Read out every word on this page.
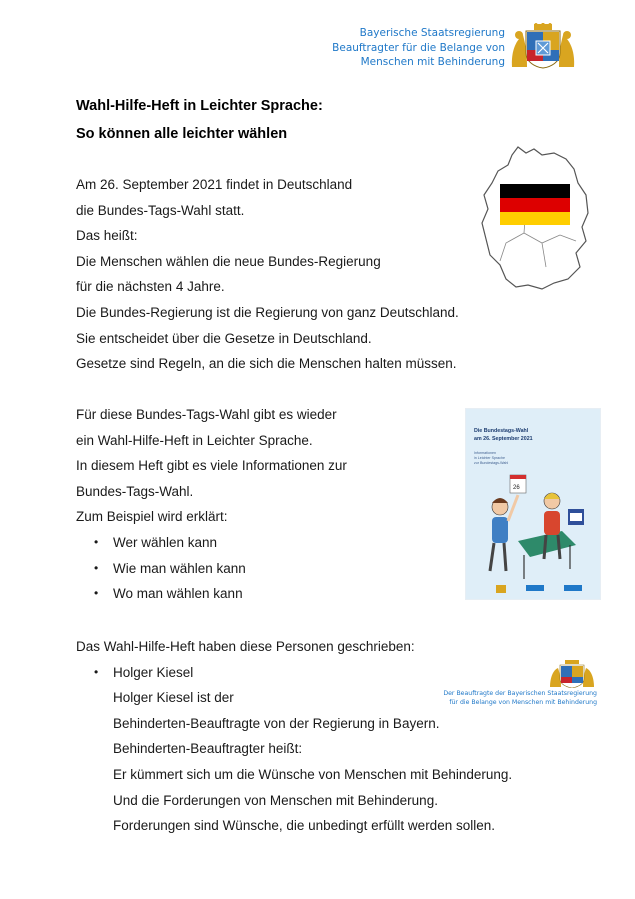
Bayerische Staatsregierung
Beauftragter für die Belange von
Menschen mit Behinderung
Wahl-Hilfe-Heft in Leichter Sprache:
So können alle leichter wählen
Am 26. September 2021 findet in Deutschland
die Bundes-Tags-Wahl statt.
Das heißt:
Die Menschen wählen die neue Bundes-Regierung
für die nächsten 4 Jahre.
Die Bundes-Regierung ist die Regierung von ganz Deutschland.
Sie entscheidet über die Gesetze in Deutschland.
Gesetze sind Regeln, an die sich die Menschen halten müssen.
Für diese Bundes-Tags-Wahl gibt es wieder
ein Wahl-Hilfe-Heft in Leichter Sprache.
In diesem Heft gibt es viele Informationen zur
Bundes-Tags-Wahl.
Zum Beispiel wird erklärt:
• Wer wählen kann
• Wie man wählen kann
• Wo man wählen kann
Die Bundestags-Wahl
am 26. September 2021
Informationen
in Leichter Sprache
zur Bundestags-Wahl
26
Das Wahl-Hilfe-Heft haben diese Personen geschrieben:
• Holger Kiesel
Holger Kiesel ist der
Behinderten-Beauftragte von der Regierung in Bayern.
Behinderten-Beauftragter heißt:
Er kümmert sich um die Wünsche von Menschen mit Behinderung.
Und die Forderungen von Menschen mit Behinderung.
Forderungen sind Wünsche, die unbedingt erfüllt werden sollen.
Der Beauftragte der Bayerischen Staatsregierung
für die Belange von Menschen mit Behinderung
